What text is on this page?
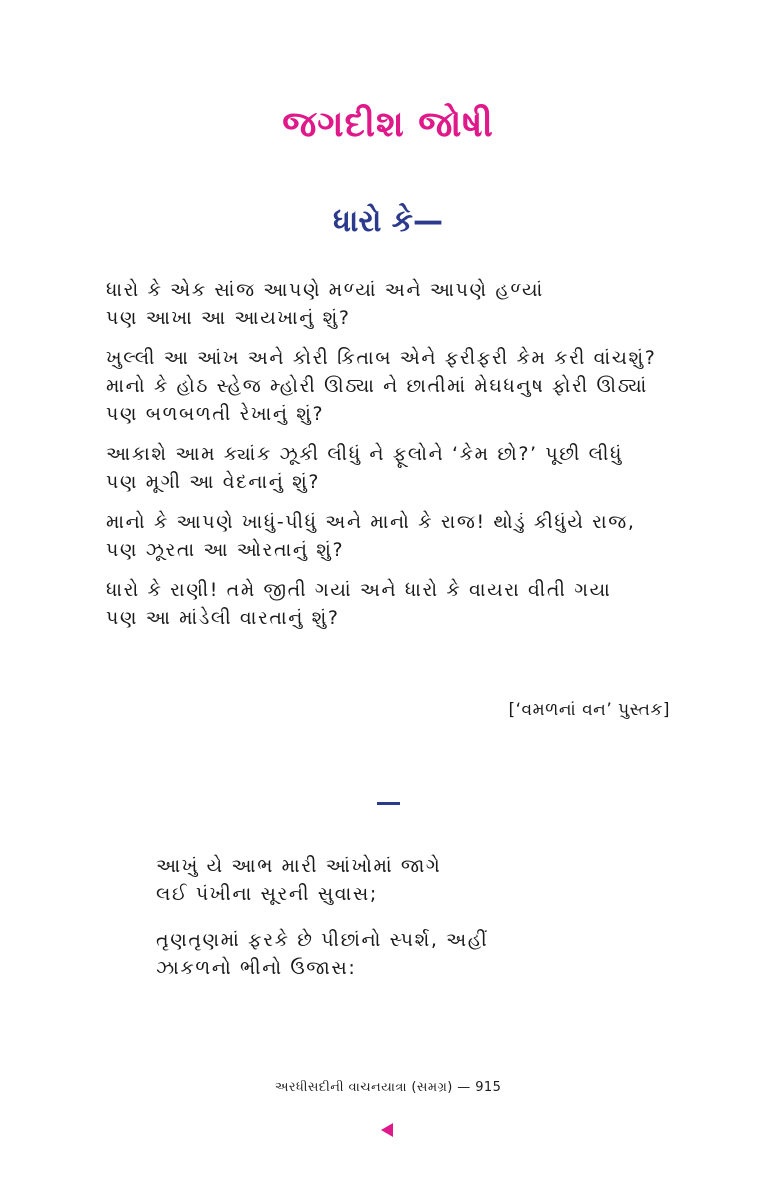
જગદીશ જોષી
ધારો કે—
ધારો કે એક સાંજ આપણે મળ્યાં અને આપણે હળ્યાં
પણ આખા આ આયખાનું શું?
ખુલ્લી આ આંખ અને કોરી કિતાબ એને ફરીફરી કેમ કરી વાંચશું?
માનો કે હોઠ સ્હેજ મ્હોરી ઊઠ્યા ને છાતીમાં મેઘધનુષ ફોરી ઊઠ્યાં
પણ બળબળતી રેખાનું શું?
આકાશે આમ ક્યાંક ઝૂકી લીધું ને ફૂલોને ‘કેમ છો?’ પૂછી લીધું
પણ મૂગી આ વેદનાનું શું?
માનો કે આપણે ખાધું-પીધું અને માનો કે રાજ! થોડું કીધુંયે રાજ,
પણ ઝૂરતા આ ઓરતાનું શું?
ધારો કે રાણી! તમે જીતી ગયાં અને ધારો કે વાયરા વીતી ગયા
પણ આ માંડેલી વારતાનું શું?
[‘વમળનાં વન’ પુસ્તક]
આખું યે આભ મારી આંખોમાં જાગે
લઈ પંખીના સૂરની સુવાસ;
તૃણતૃણમાં ફરકે છે પીછાંનો સ્પર્શ, અહીં
ઝાકળનો ભીનો ઉજાસ:
અરધીસદીની વાચનયાત્રા (સમગ્ર) — 915
